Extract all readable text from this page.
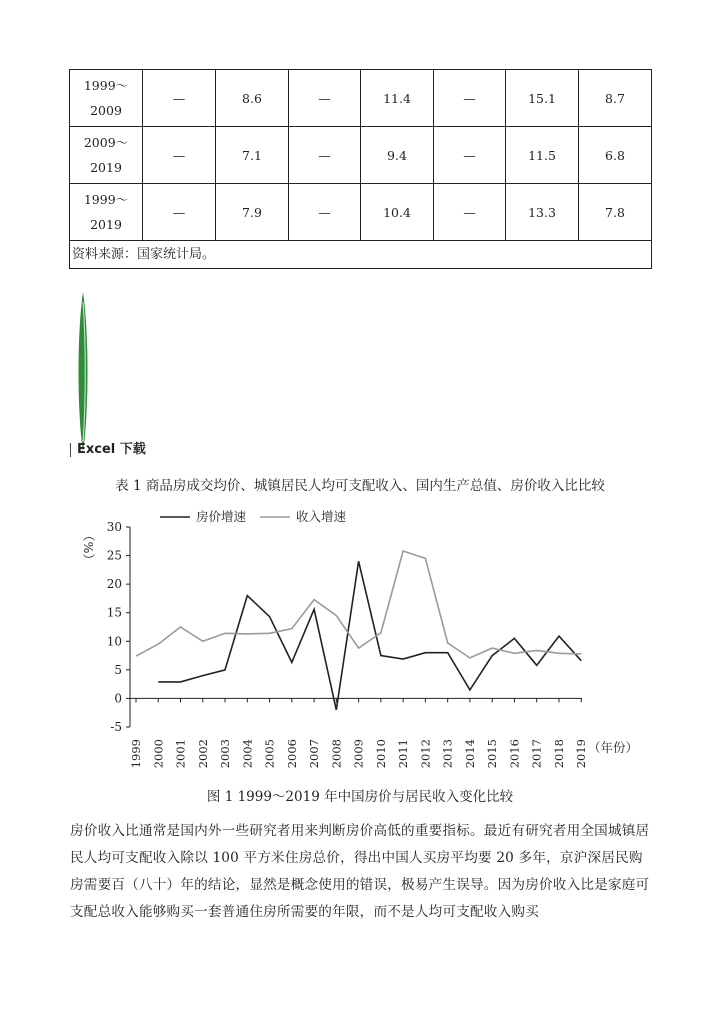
1999～
2009	—	8.6	—	11.4	—	15.1	8.7

2009～
2019	—	7.1	—	9.4	—	11.5	6.8

1999～
2019	—	7.9	—	10.4	—	13.3	7.8
资料来源：国家统计局。							
Excel 下载
表 1 商品房成交均价、城镇居民人均可支配收入、国内生产总值、房价收入比比较
-5
0
5
10
15
20
25
30
1999 2000 2001 2002 2003 2004 2005 2006 2007 2008 2009 2010 2011 2012 2013 2014 2015 2016 2017 2018 2019 （年份）
（%）
房价增速	收入增速
图 1 1999～2019 年中国房价与居民收入变化比较

房价收入比通常是国内外一些研究者用来判断房价高低的重要指标。最近有研究者用全国城镇居民人均可支配收入除以 100 平方米住房总价，得出中国人买房平均要 20 多年，京沪深居民购房需要百（八十）年的结论，显然是概念使用的错误，极易产生误导。因为房价收入比是家庭可支配总收入能够购买一套普通住房所需要的年限，而不是人均可支配收入购买
